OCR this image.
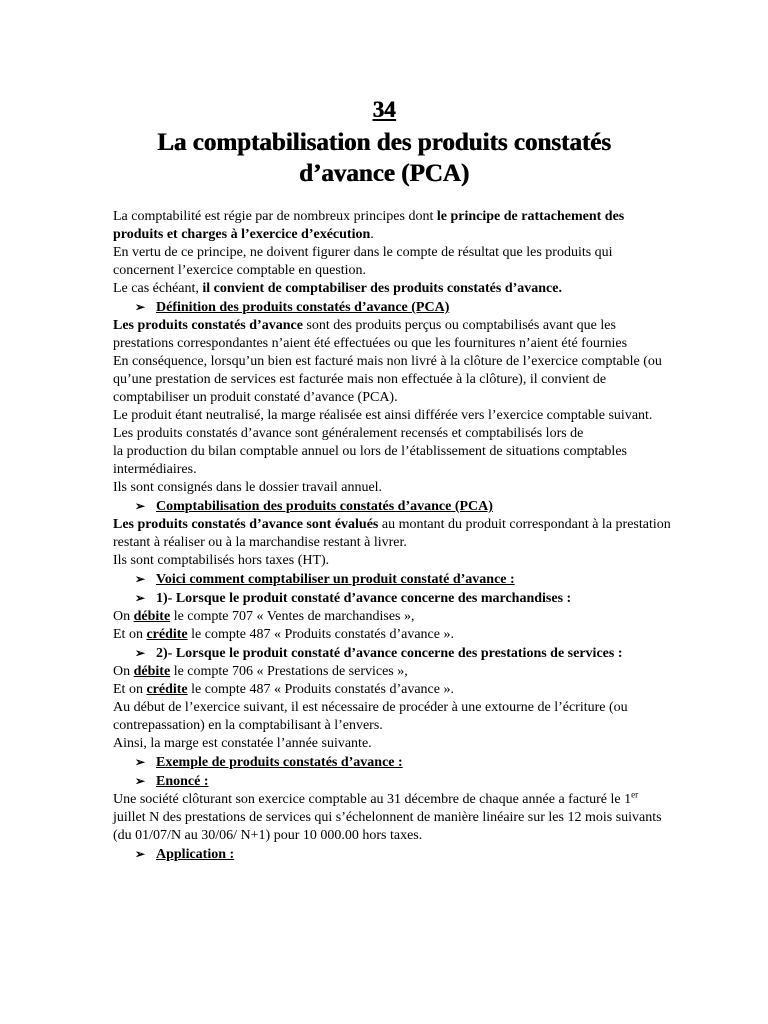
34
La comptabilisation des produits constatés
d’avance (PCA)

La comptabilité est régie par de nombreux principes dont le principe de rattachement des produits et charges à l’exercice d’exécution.

En vertu de ce principe, ne doivent figurer dans le compte de résultat que les produits qui concernent l’exercice comptable en question.

Le cas échéant, il convient de comptabiliser des produits constatés d’avance.

➢ Définition des produits constatés d’avance (PCA)

Les produits constatés d’avance sont des produits perçus ou comptabilisés avant que les prestations correspondantes n’aient été effectuées ou que les fournitures n’aient été fournies

En conséquence, lorsqu’un bien est facturé mais non livré à la clôture de l’exercice comptable (ou qu’une prestation de services est facturée mais non effectuée à la clôture), il convient de comptabiliser un produit constaté d’avance (PCA).

Le produit étant neutralisé, la marge réalisée est ainsi différée vers l’exercice comptable suivant.

Les produits constatés d’avance sont généralement recensés et comptabilisés lors de
la production du bilan comptable annuel ou lors de l’établissement de situations comptables intermédiaires.

Ils sont consignés dans le dossier travail annuel.

➢ Comptabilisation des produits constatés d’avance (PCA)

Les produits constatés d’avance sont évalués au montant du produit correspondant à la prestation restant à réaliser ou à la marchandise restant à livrer.

Ils sont comptabilisés hors taxes (HT).

➢ Voici comment comptabiliser un produit constaté d’avance :

➢ 1)- Lorsque le produit constaté d’avance concerne des marchandises :

On débite le compte 707 « Ventes de marchandises »,

Et on crédite le compte 487 « Produits constatés d’avance ».

➢ 2)- Lorsque le produit constaté d’avance concerne des prestations de services :

On débite le compte 706 « Prestations de services »,

Et on crédite le compte 487 « Produits constatés d’avance ».

Au début de l’exercice suivant, il est nécessaire de procéder à une extourne de l’écriture (ou contrepassation) en la comptabilisant à l’envers.

Ainsi, la marge est constatée l’année suivante.

➢ Exemple de produits constatés d’avance :

➢ Enoncé :

Une société clôturant son exercice comptable au 31 décembre de chaque année a facturé le 1er juillet N des prestations de services qui s’échelonnent de manière linéaire sur les 12 mois suivants (du 01/07/N au 30/06/ N+1) pour 10 000.00 hors taxes.

➢ Application :
